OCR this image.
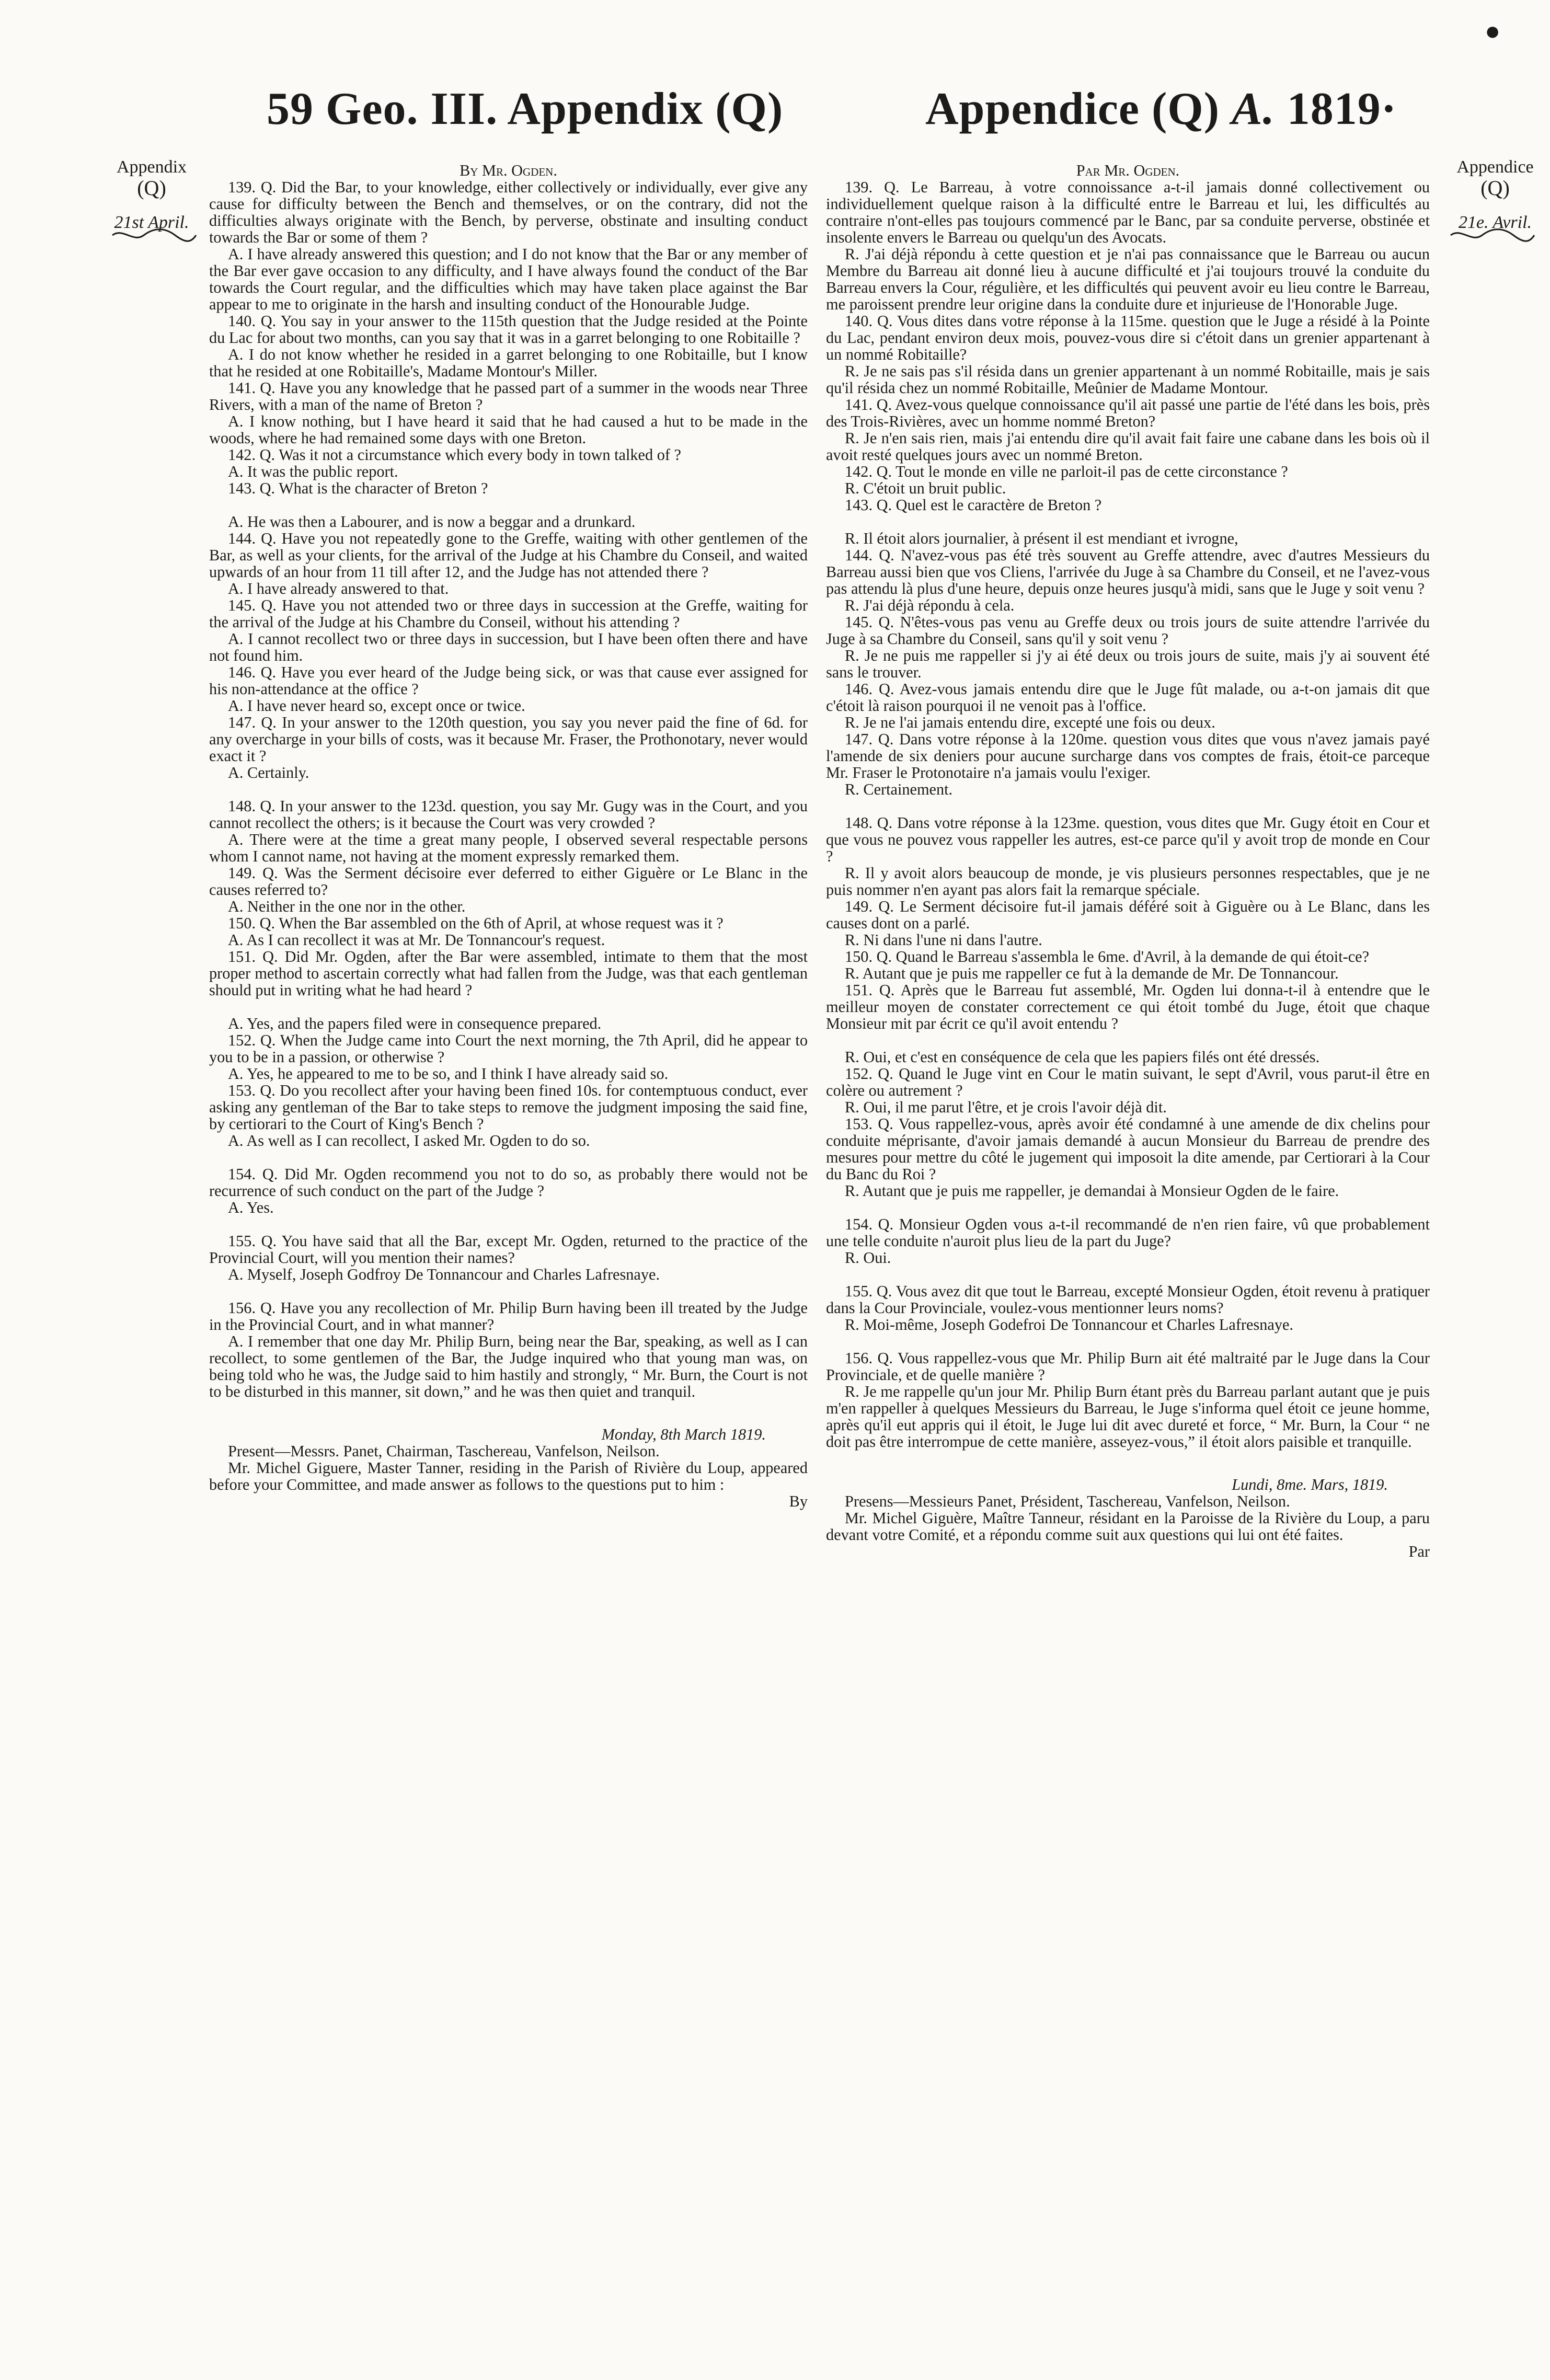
●
59 Geo. III. Appendix (Q)	Appendice (Q) A. 1819·
Appendix
(Q)
21st April.
Appendice
(Q)
21e. Avril.

By Mr. Ogden.

139. Q. Did the Bar, to your knowledge, either collectively or individually, ever give any cause for difficulty between the Bench and themselves, or on the contrary, did not the difficulties always originate with the Bench, by perverse, obstinate and insulting conduct towards the Bar or some of them ?

A. I have already answered this question; and I do not know that the Bar or any member of the Bar ever gave occasion to any difficulty, and I have always found the conduct of the Bar towards the Court regular, and the difficulties which may have taken place against the Bar appear to me to originate in the harsh and insulting conduct of the Honourable Judge.

140. Q. You say in your answer to the 115th question that the Judge resided at the Pointe du Lac for about two months, can you say that it was in a garret belonging to one Robitaille ?

A. I do not know whether he resided in a garret belonging to one Robitaille, but I know that he resided at one Robitaille's, Madame Montour's Miller.

141. Q. Have you any knowledge that he passed part of a summer in the woods near Three Rivers, with a man of the name of Breton ?

A. I know nothing, but I have heard it said that he had caused a hut to be made in the woods, where he had remained some days with one Breton.

142. Q. Was it not a circumstance which every body in town talked of ?

A. It was the public report.

143. Q. What is the character of Breton ?

A. He was then a Labourer, and is now a beggar and a drunkard.

144. Q. Have you not repeatedly gone to the Greffe, waiting with other gentlemen of the Bar, as well as your clients, for the arrival of the Judge at his Chambre du Conseil, and waited upwards of an hour from 11 till after 12, and the Judge has not attended there ?

A. I have already answered to that.

145. Q. Have you not attended two or three days in succession at the Greffe, waiting for the arrival of the Judge at his Chambre du Conseil, without his attending ?

A. I cannot recollect two or three days in succession, but I have been often there and have not found him.

146. Q. Have you ever heard of the Judge being sick, or was that cause ever assigned for his non-attendance at the office ?

A. I have never heard so, except once or twice.

147. Q. In your answer to the 120th question, you say you never paid the fine of 6d. for any overcharge in your bills of costs, was it because Mr. Fraser, the Prothonotary, never would exact it ?

A. Certainly.

148. Q. In your answer to the 123d. question, you say Mr. Gugy was in the Court, and you cannot recollect the others; is it because the Court was very crowded ?

A. There were at the time a great many people, I observed several respectable persons whom I cannot name, not having at the moment expressly remarked them.

149. Q. Was the Serment décisoire ever deferred to either Giguère or Le Blanc in the causes referred to?

A. Neither in the one nor in the other.

150. Q. When the Bar assembled on the 6th of April, at whose request was it ?

A. As I can recollect it was at Mr. De Tonnancour's request.

151. Q. Did Mr. Ogden, after the Bar were assembled, intimate to them that the most proper method to ascertain correctly what had fallen from the Judge, was that each gentleman should put in writing what he had heard ?

A. Yes, and the papers filed were in consequence prepared.

152. Q. When the Judge came into Court the next morning, the 7th April, did he appear to you to be in a passion, or otherwise ?

A. Yes, he appeared to me to be so, and I think I have already said so.

153. Q. Do you recollect after your having been fined 10s. for contemptuous conduct, ever asking any gentleman of the Bar to take steps to remove the judgment imposing the said fine, by certiorari to the Court of King's Bench ?

A. As well as I can recollect, I asked Mr. Ogden to do so.

154. Q. Did Mr. Ogden recommend you not to do so, as probably there would not be recurrence of such conduct on the part of the Judge ?

A. Yes.

155. Q. You have said that all the Bar, except Mr. Ogden, returned to the practice of the Provincial Court, will you mention their names?

A. Myself, Joseph Godfroy De Tonnancour and Charles Lafresnaye.

156. Q. Have you any recollection of Mr. Philip Burn having been ill treated by the Judge in the Provincial Court, and in what manner?

A. I remember that one day Mr. Philip Burn, being near the Bar, speaking, as well as I can recollect, to some gentlemen of the Bar, the Judge inquired who that young man was, on being told who he was, the Judge said to him hastily and strongly, “ Mr. Burn, the Court is not to be disturbed in this manner, sit down,” and he was then quiet and tranquil.

Monday, 8th March 1819.

Present—Messrs. Panet, Chairman, Taschereau, Vanfelson, Neilson.

Mr. Michel Giguere, Master Tanner, residing in the Parish of Rivière du Loup, appeared before your Committee, and made answer as follows to the questions put to him :

By

Par Mr. Ogden.

139. Q. Le Barreau, à votre connoissance a-t-il jamais donné collectivement ou individuellement quelque raison à la difficulté entre le Barreau et lui, les difficultés au contraire n'ont-elles pas toujours commencé par le Banc, par sa conduite perverse, obstinée et insolente envers le Barreau ou quelqu'un des Avocats.

R. J'ai déjà répondu à cette question et je n'ai pas connaissance que le Barreau ou aucun Membre du Barreau ait donné lieu à aucune difficulté et j'ai toujours trouvé la conduite du Barreau envers la Cour, régulière, et les difficultés qui peuvent avoir eu lieu contre le Barreau, me paroissent prendre leur origine dans la conduite dure et injurieuse de l'Honorable Juge.

140. Q. Vous dites dans votre réponse à la 115me. question que le Juge a résidé à la Pointe du Lac, pendant environ deux mois, pouvez-vous dire si c'étoit dans un grenier appartenant à un nommé Robitaille?

R. Je ne sais pas s'il résida dans un grenier appartenant à un nommé Robitaille, mais je sais qu'il résida chez un nommé Robitaille, Meûnier de Madame Montour.

141. Q. Avez-vous quelque connoissance qu'il ait passé une partie de l'été dans les bois, près des Trois-Rivières, avec un homme nommé Breton?

R. Je n'en sais rien, mais j'ai entendu dire qu'il avait fait faire une cabane dans les bois où il avoit resté quelques jours avec un nommé Breton.

142. Q. Tout le monde en ville ne parloit-il pas de cette circonstance ?

R. C'étoit un bruit public.

143. Q. Quel est le caractère de Breton ?

R. Il étoit alors journalier, à présent il est mendiant et ivrogne,

144. Q. N'avez-vous pas été très souvent au Greffe attendre, avec d'autres Messieurs du Barreau aussi bien que vos Cliens, l'arrivée du Juge à sa Chambre du Conseil, et ne l'avez-vous pas attendu là plus d'une heure, depuis onze heures jusqu'à midi, sans que le Juge y soit venu ?

R. J'ai déjà répondu à cela.

145. Q. N'êtes-vous pas venu au Greffe deux ou trois jours de suite attendre l'arrivée du Juge à sa Chambre du Conseil, sans qu'il y soit venu ?

R. Je ne puis me rappeller si j'y ai été deux ou trois jours de suite, mais j'y ai souvent été sans le trouver.

146. Q. Avez-vous jamais entendu dire que le Juge fût malade, ou a-t-on jamais dit que c'étoit là raison pourquoi il ne venoit pas à l'office.

R. Je ne l'ai jamais entendu dire, excepté une fois ou deux.

147. Q. Dans votre réponse à la 120me. question vous dites que vous n'avez jamais payé l'amende de six deniers pour aucune surcharge dans vos comptes de frais, étoit-ce parceque Mr. Fraser le Protonotaire n'a jamais voulu l'exiger.

R. Certainement.

148. Q. Dans votre réponse à la 123me. question, vous dites que Mr. Gugy étoit en Cour et que vous ne pouvez vous rappeller les autres, est-ce parce qu'il y avoit trop de monde en Cour ?

R. Il y avoit alors beaucoup de monde, je vis plusieurs personnes respectables, que je ne puis nommer n'en ayant pas alors fait la remarque spéciale.

149. Q. Le Serment décisoire fut-il jamais déféré soit à Giguère ou à Le Blanc, dans les causes dont on a parlé.

R. Ni dans l'une ni dans l'autre.

150. Q. Quand le Barreau s'assembla le 6me. d'Avril, à la demande de qui étoit-ce?

R. Autant que je puis me rappeller ce fut à la demande de Mr. De Tonnancour.

151. Q. Après que le Barreau fut assemblé, Mr. Ogden lui donna-t-il à entendre que le meilleur moyen de constater correctement ce qui étoit tombé du Juge, étoit que chaque Monsieur mit par écrit ce qu'il avoit entendu ?

R. Oui, et c'est en conséquence de cela que les papiers filés ont été dressés.

152. Q. Quand le Juge vint en Cour le matin suivant, le sept d'Avril, vous parut-il être en colère ou autrement ?

R. Oui, il me parut l'être, et je crois l'avoir déjà dit.

153. Q. Vous rappellez-vous, après avoir été condamné à une amende de dix chelins pour conduite méprisante, d'avoir jamais demandé à aucun Monsieur du Barreau de prendre des mesures pour mettre du côté le jugement qui imposoit la dite amende, par Certiorari à la Cour du Banc du Roi ?

R. Autant que je puis me rappeller, je demandai à Monsieur Ogden de le faire.

154. Q. Monsieur Ogden vous a-t-il recommandé de n'en rien faire, vû que probablement une telle conduite n'auroit plus lieu de la part du Juge?

R. Oui.

155. Q. Vous avez dit que tout le Barreau, excepté Monsieur Ogden, étoit revenu à pratiquer dans la Cour Provinciale, voulez-vous mentionner leurs noms?

R. Moi-même, Joseph Godefroi De Tonnancour et Charles Lafresnaye.

156. Q. Vous rappellez-vous que Mr. Philip Burn ait été maltraité par le Juge dans la Cour Provinciale, et de quelle manière ?

R. Je me rappelle qu'un jour Mr. Philip Burn étant près du Barreau parlant autant que je puis m'en rappeller à quelques Messieurs du Barreau, le Juge s'informa quel étoit ce jeune homme, après qu'il eut appris qui il étoit, le Juge lui dit avec dureté et force, “ Mr. Burn, la Cour “ ne doit pas être interrompue de cette manière, asseyez-vous,” il étoit alors paisible et tranquille.

Lundi, 8me. Mars, 1819.

Presens—Messieurs Panet, Président, Taschereau, Vanfelson, Neilson.

Mr. Michel Giguère, Maître Tanneur, résidant en la Paroisse de la Rivière du Loup, a paru devant votre Comité, et a répondu comme suit aux questions qui lui ont été faites.

Par
